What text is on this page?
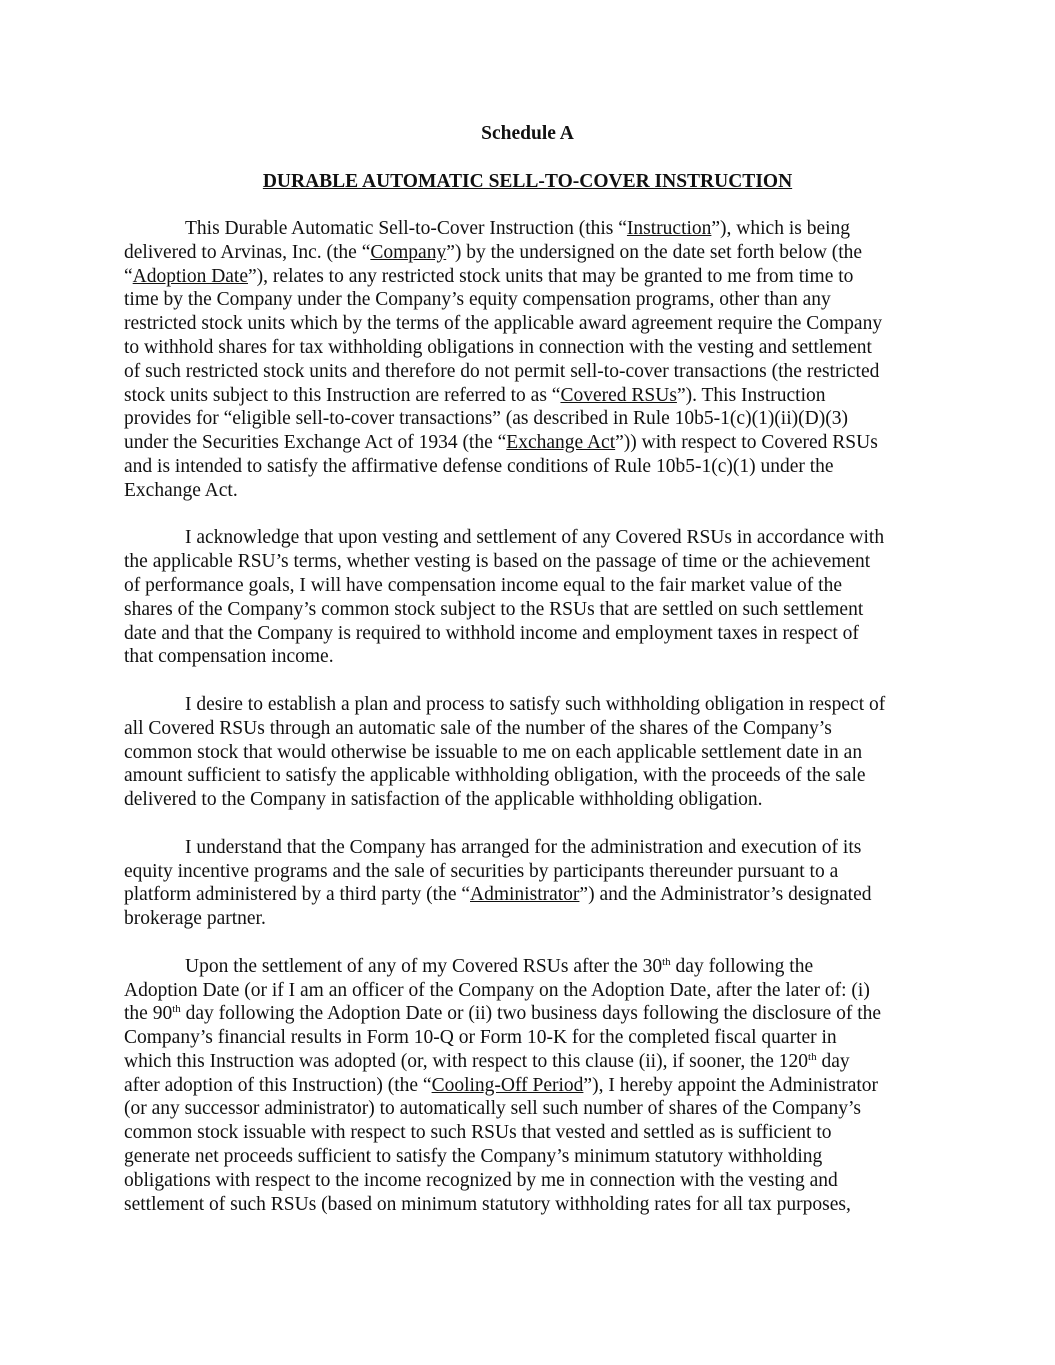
Schedule A
DURABLE AUTOMATIC SELL-TO-COVER INSTRUCTION

This Durable Automatic Sell-to-Cover Instruction (this “Instruction”), which is being
delivered to Arvinas, Inc. (the “Company”) by the undersigned on the date set forth below (the
“Adoption Date”), relates to any restricted stock units that may be granted to me from time to
time by the Company under the Company’s equity compensation programs, other than any
restricted stock units which by the terms of the applicable award agreement require the Company
to withhold shares for tax withholding obligations in connection with the vesting and settlement
of such restricted stock units and therefore do not permit sell-to-cover transactions (the restricted
stock units subject to this Instruction are referred to as “Covered RSUs”). This Instruction
provides for “eligible sell-to-cover transactions” (as described in Rule 10b5-1(c)(1)(ii)(D)(3)
under the Securities Exchange Act of 1934 (the “Exchange Act”)) with respect to Covered RSUs
and is intended to satisfy the affirmative defense conditions of Rule 10b5-1(c)(1) under the
Exchange Act.

I acknowledge that upon vesting and settlement of any Covered RSUs in accordance with
the applicable RSU’s terms, whether vesting is based on the passage of time or the achievement
of performance goals, I will have compensation income equal to the fair market value of the
shares of the Company’s common stock subject to the RSUs that are settled on such settlement
date and that the Company is required to withhold income and employment taxes in respect of
that compensation income.

I desire to establish a plan and process to satisfy such withholding obligation in respect of
all Covered RSUs through an automatic sale of the number of the shares of the Company’s
common stock that would otherwise be issuable to me on each applicable settlement date in an
amount sufficient to satisfy the applicable withholding obligation, with the proceeds of the sale
delivered to the Company in satisfaction of the applicable withholding obligation.

I understand that the Company has arranged for the administration and execution of its
equity incentive programs and the sale of securities by participants thereunder pursuant to a
platform administered by a third party (the “Administrator”) and the Administrator’s designated
brokerage partner.

Upon the settlement of any of my Covered RSUs after the 30th day following the
Adoption Date (or if I am an officer of the Company on the Adoption Date, after the later of: (i)
the 90th day following the Adoption Date or (ii) two business days following the disclosure of the
Company’s financial results in Form 10-Q or Form 10-K for the completed fiscal quarter in
which this Instruction was adopted (or, with respect to this clause (ii), if sooner, the 120th day
after adoption of this Instruction) (the “Cooling-Off Period”), I hereby appoint the Administrator
(or any successor administrator) to automatically sell such number of shares of the Company’s
common stock issuable with respect to such RSUs that vested and settled as is sufficient to
generate net proceeds sufficient to satisfy the Company’s minimum statutory withholding
obligations with respect to the income recognized by me in connection with the vesting and
settlement of such RSUs (based on minimum statutory withholding rates for all tax purposes,
